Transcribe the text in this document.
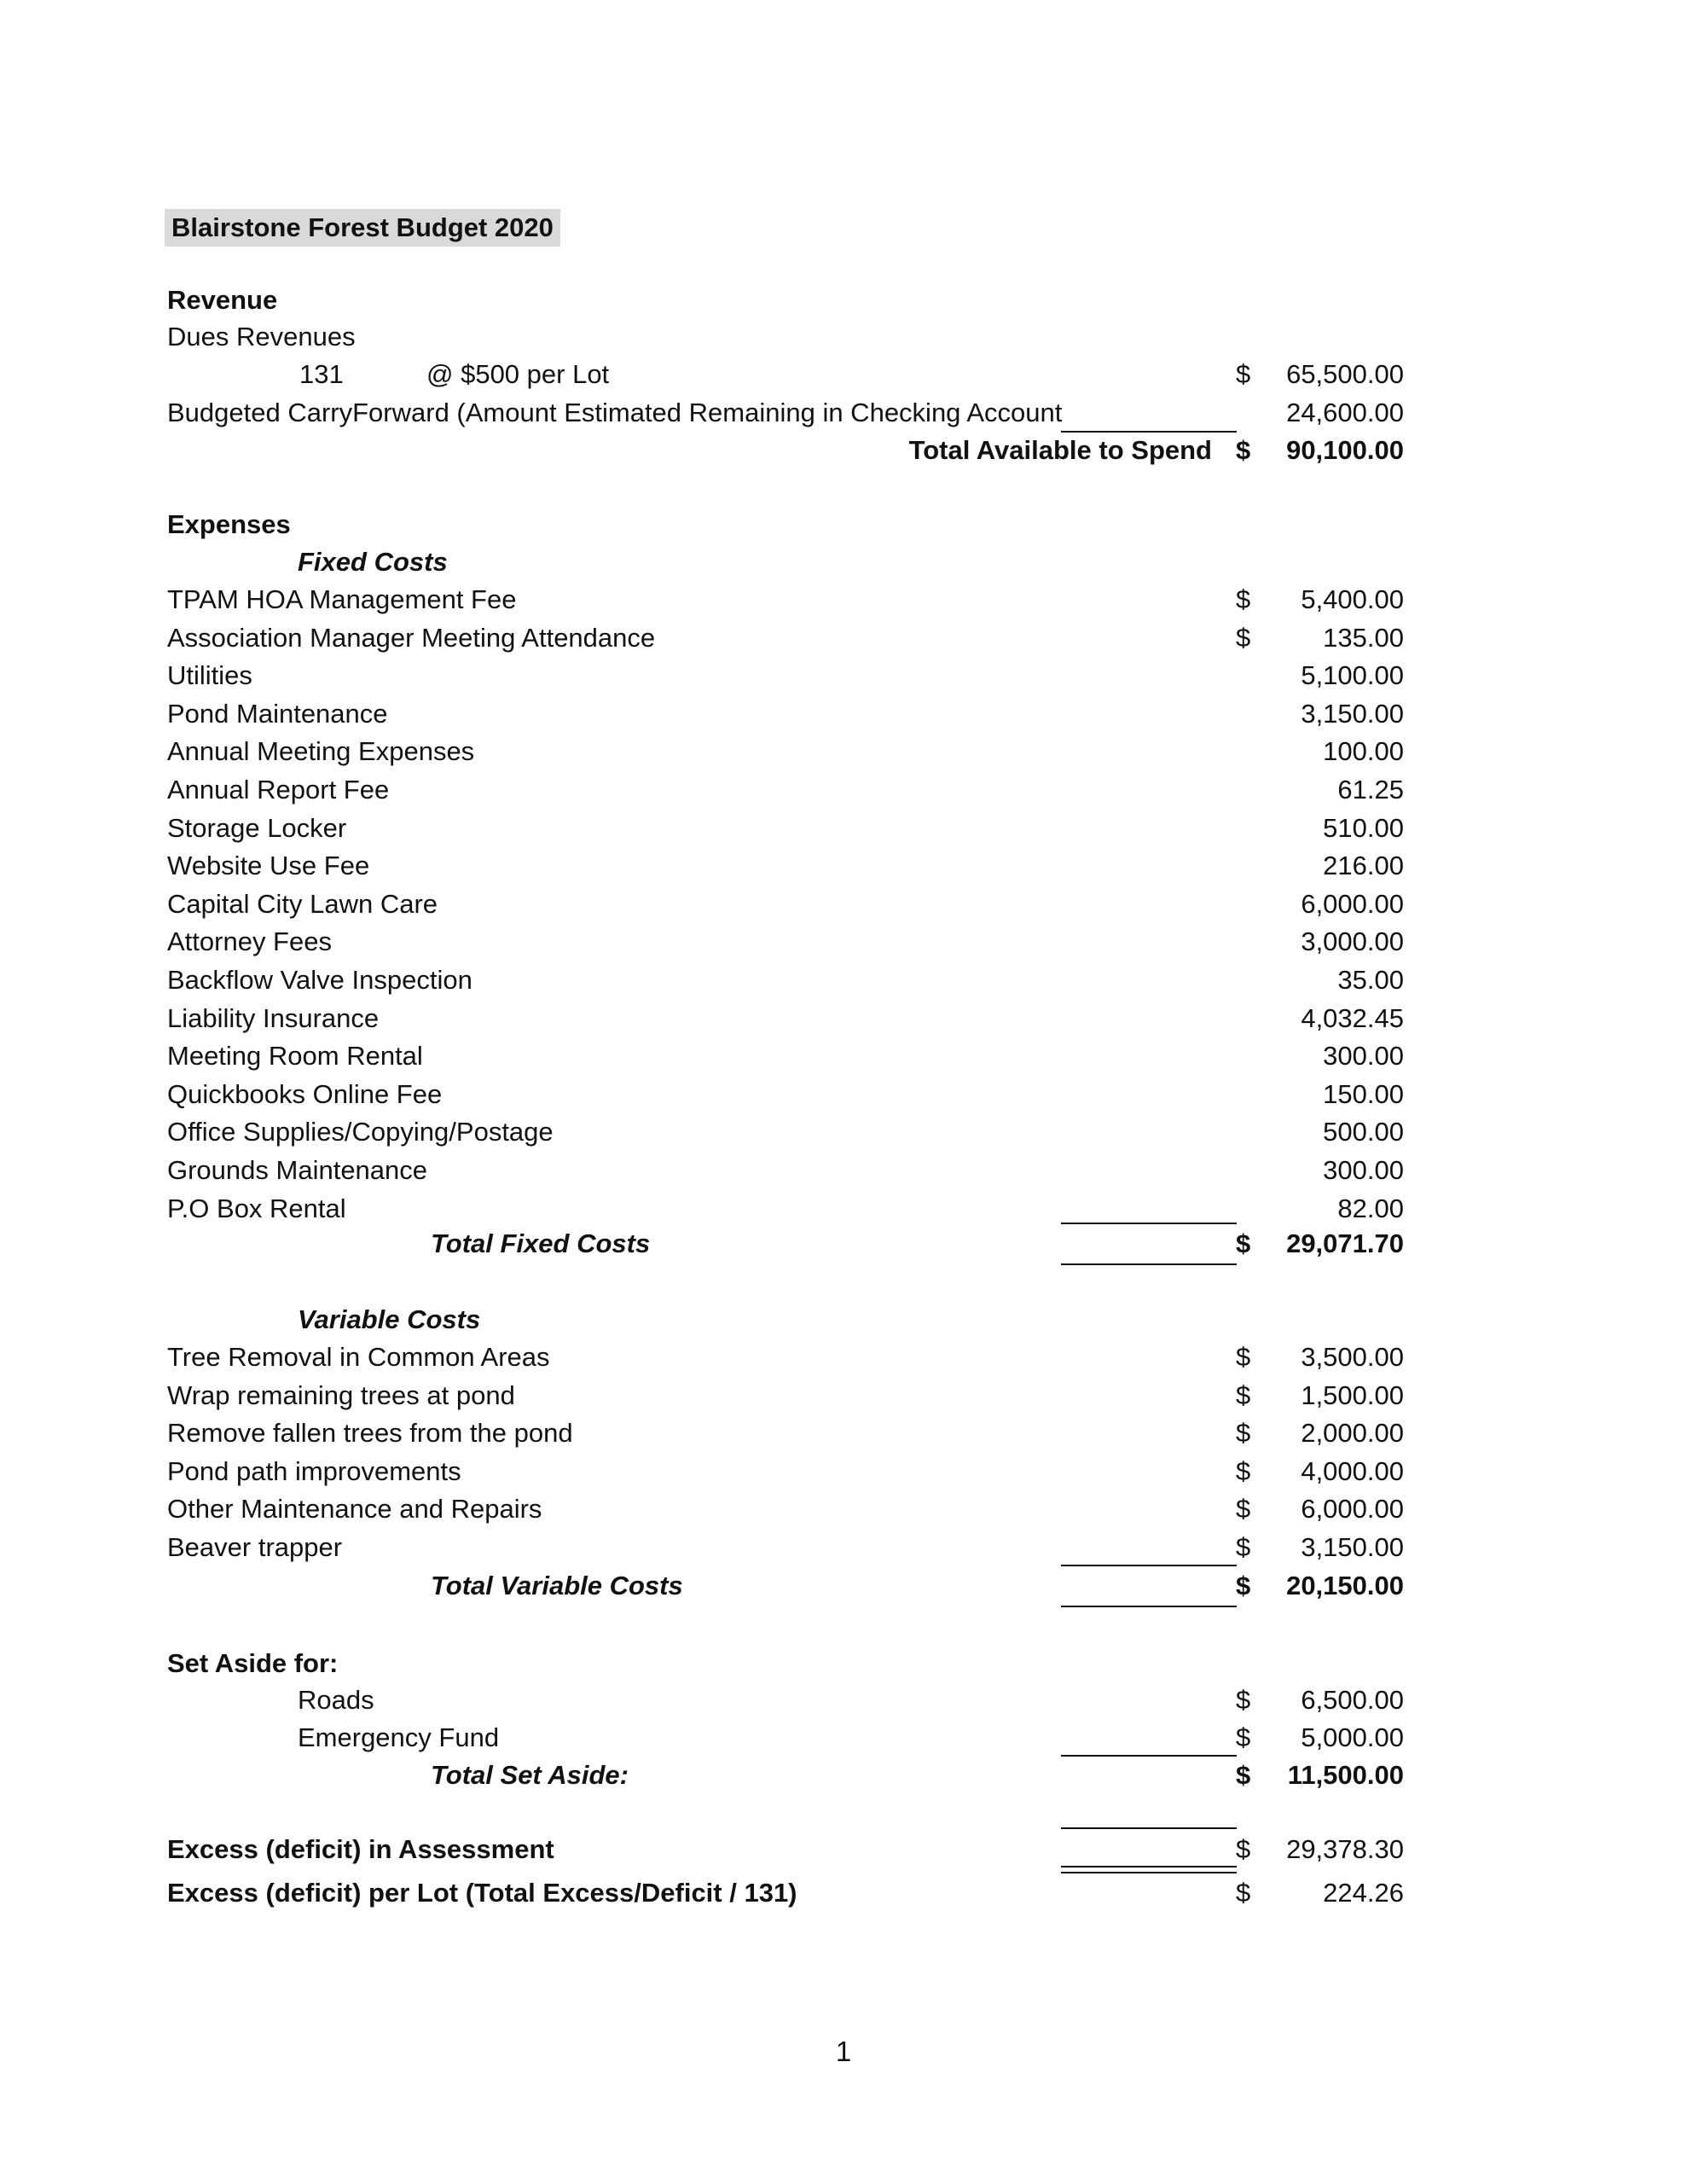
Blairstone Forest Budget 2020
Revenue
Dues Revenues
131	@ $500 per Lot	$ 65,500.00
Budgeted CarryForward (Amount Estimated Remaining in Checking Account	24,600.00
Total Available to Spend $ 90,100.00
Expenses
Fixed Costs
TPAM HOA Management Fee	$ 5,400.00
Association Manager Meeting Attendance	$	135.00
Utilities	5,100.00
Pond Maintenance	3,150.00
Annual Meeting Expenses	100.00
Annual Report Fee	61.25
Storage Locker	510.00
Website Use Fee	216.00
Capital City Lawn Care	6,000.00
Attorney Fees	3,000.00
Backflow Valve Inspection	35.00
Liability Insurance	4,032.45
Meeting Room Rental	300.00
Quickbooks Online Fee	150.00
Office Supplies/Copying/Postage	500.00
Grounds Maintenance	300.00
P.O Box Rental	82.00
Total Fixed Costs	$ 29,071.70
Variable Costs
Tree Removal in Common Areas	$ 3,500.00
Wrap remaining trees at pond	$ 1,500.00
Remove fallen trees from the pond	$ 2,000.00
Pond path improvements	$ 4,000.00
Other Maintenance and Repairs	$ 6,000.00
Beaver trapper	$ 3,150.00
Total Variable Costs	$ 20,150.00
Set Aside for:
Roads	$ 6,500.00
Emergency Fund	$ 5,000.00
Total Set Aside:	$ 11,500.00
Excess (deficit) in Assessment	$ 29,378.30
Excess (deficit) per Lot (Total Excess/Deficit / 131)	$	224.26
1
